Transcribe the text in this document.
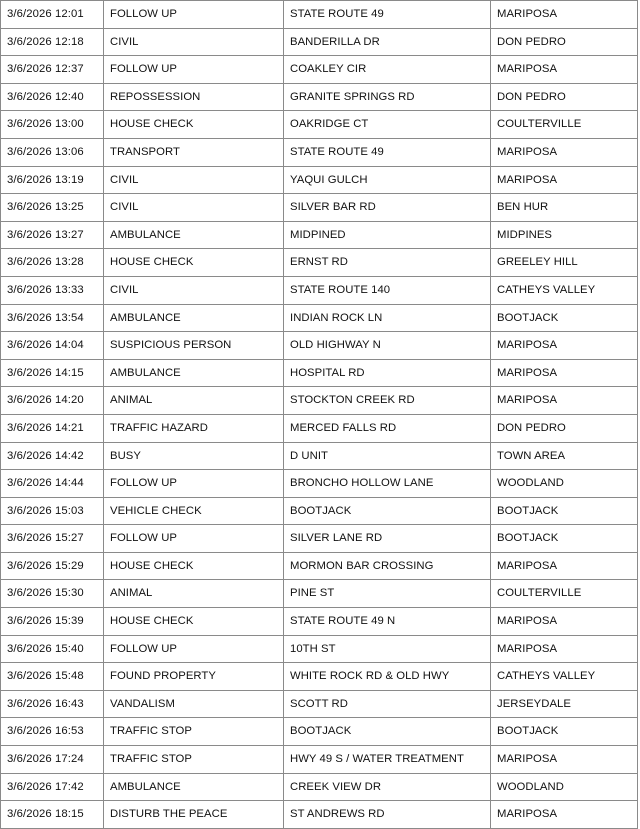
3/6/2026 12:01	FOLLOW UP	STATE ROUTE 49	MARIPOSA
3/6/2026 12:18	CIVIL	BANDERILLA DR	DON PEDRO
3/6/2026 12:37	FOLLOW UP	COAKLEY CIR	MARIPOSA
3/6/2026 12:40	REPOSSESSION	GRANITE SPRINGS RD	DON PEDRO
3/6/2026 13:00	HOUSE CHECK	OAKRIDGE CT	COULTERVILLE
3/6/2026 13:06	TRANSPORT	STATE ROUTE 49	MARIPOSA
3/6/2026 13:19	CIVIL	YAQUI GULCH	MARIPOSA
3/6/2026 13:25	CIVIL	SILVER BAR RD	BEN HUR
3/6/2026 13:27	AMBULANCE	MIDPINED	MIDPINES
3/6/2026 13:28	HOUSE CHECK	ERNST RD	GREELEY HILL
3/6/2026 13:33	CIVIL	STATE ROUTE 140	CATHEYS VALLEY
3/6/2026 13:54	AMBULANCE	INDIAN ROCK LN	BOOTJACK
3/6/2026 14:04	SUSPICIOUS PERSON	OLD HIGHWAY N	MARIPOSA
3/6/2026 14:15	AMBULANCE	HOSPITAL RD	MARIPOSA
3/6/2026 14:20	ANIMAL	STOCKTON CREEK RD	MARIPOSA
3/6/2026 14:21	TRAFFIC HAZARD	MERCED FALLS RD	DON PEDRO
3/6/2026 14:42	BUSY	D UNIT	TOWN AREA
3/6/2026 14:44	FOLLOW UP	BRONCHO HOLLOW LANE	WOODLAND
3/6/2026 15:03	VEHICLE CHECK	BOOTJACK	BOOTJACK
3/6/2026 15:27	FOLLOW UP	SILVER LANE RD	BOOTJACK
3/6/2026 15:29	HOUSE CHECK	MORMON BAR CROSSING	MARIPOSA
3/6/2026 15:30	ANIMAL	PINE ST	COULTERVILLE
3/6/2026 15:39	HOUSE CHECK	STATE ROUTE 49 N	MARIPOSA
3/6/2026 15:40	FOLLOW UP	10TH ST	MARIPOSA
3/6/2026 15:48	FOUND PROPERTY	WHITE ROCK RD & OLD HWY	CATHEYS VALLEY
3/6/2026 16:43	VANDALISM	SCOTT RD	JERSEYDALE
3/6/2026 16:53	TRAFFIC STOP	BOOTJACK	BOOTJACK
3/6/2026 17:24	TRAFFIC STOP	HWY 49 S / WATER TREATMENT	MARIPOSA
3/6/2026 17:42	AMBULANCE	CREEK VIEW DR	WOODLAND
3/6/2026 18:15	DISTURB THE PEACE	ST ANDREWS RD	MARIPOSA
